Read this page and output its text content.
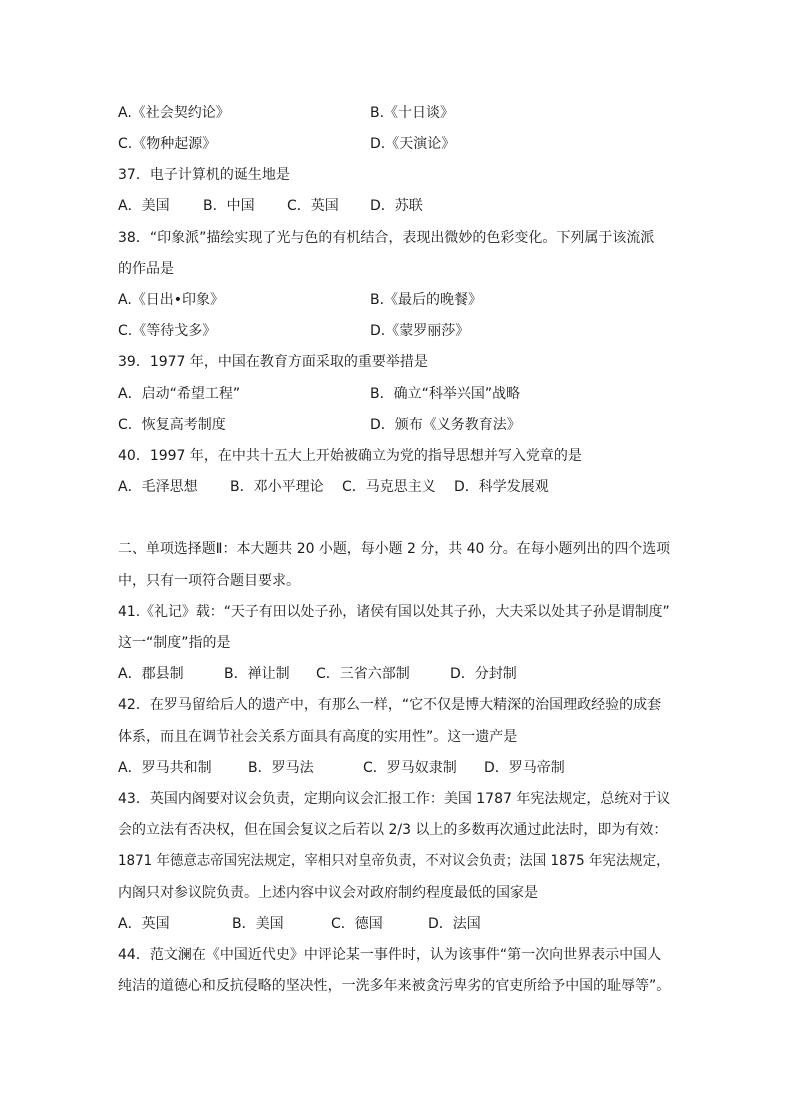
A.《社会契约论》	B.《十日谈》
C.《物种起源》	D.《天演论》
37．电子计算机的诞生地是
A．美国 B．中国 C．英国 D．苏联
38．“印象派”描绘实现了光与色的有机结合，表现出微妙的色彩变化。下列属于该流派
的作品是
A.《日出•印象》	B.《最后的晚餐》
C.《等待戈多》	D.《蒙罗丽莎》
39．1977 年，中国在教育方面采取的重要举措是
A．启动“希望工程”	B．确立“科举兴国”战略
C．恢复高考制度	D．颁布《义务教育法》
40．1997 年，在中共十五大上开始被确立为党的指导思想并写入党章的是
A．毛泽思想 B．邓小平理论 C．马克思主义 D．科学发展观
二、单项选择题Ⅱ：本大题共 20 小题，每小题 2 分，共 40 分。在每小题列出的四个选项
中，只有一项符合题目要求。
41.《礼记》载：“天子有田以处子孙，诸侯有国以处其子孙，大夫采以处其子孙是谓制度”
这一“制度”指的是
A．郡县制	B．禅让制 C．三省六部制	D．分封制
42．在罗马留给后人的遗产中，有那么一样，“它不仅是博大精深的治国理政经验的成套
体系，而且在调节社会关系方面具有高度的实用性”。这一遗产是
A．罗马共和制	B．罗马法	C．罗马奴隶制 D．罗马帝制
43．英国内阁要对议会负责，定期向议会汇报工作：美国 1787 年宪法规定，总统对于议
会的立法有否决权，但在国会复议之后若以 2/3 以上的多数再次通过此法时，即为有效：
1871 年德意志帝国宪法规定，宰相只对皇帝负责，不对议会负责；法国 1875 年宪法规定，
内阁只对参议院负责。上述内容中议会对政府制约程度最低的国家是
A．英国	B．美国	C．德国	D．法国
44．范文澜在《中国近代史》中评论某一事件时，认为该事件“第一次向世界表示中国人
纯洁的道德心和反抗侵略的坚决性，一洗多年来被贪污卑劣的官吏所给予中国的耻辱等”。
